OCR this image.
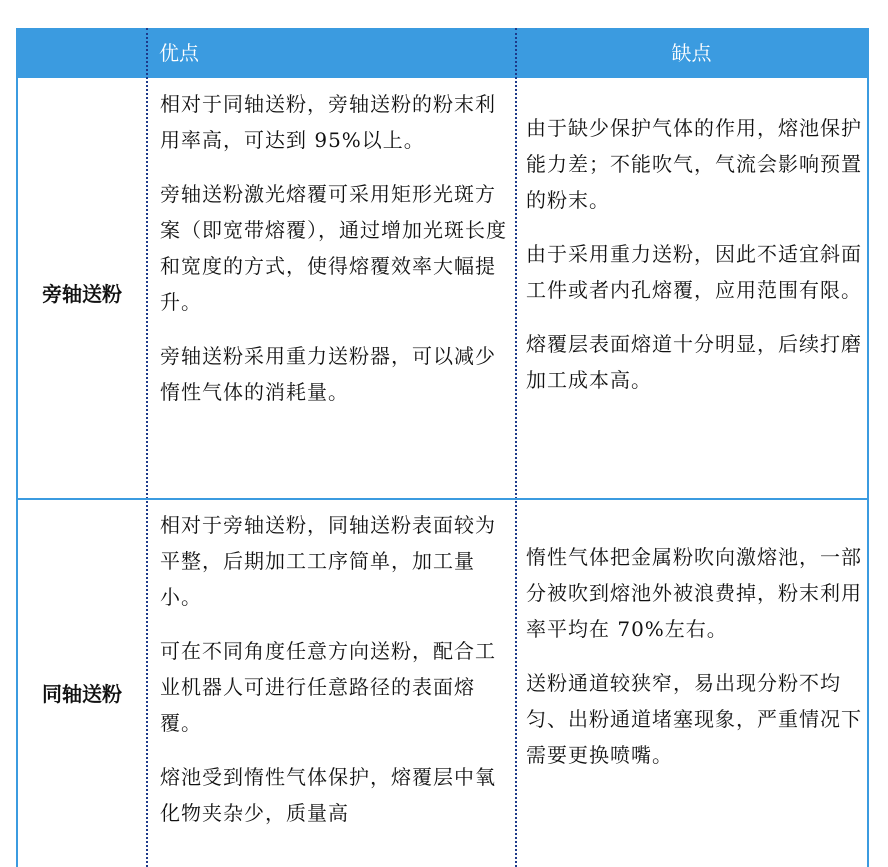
优点	缺点
旁轴送粉

相对于同轴送粉，旁轴送粉的粉末利用率高，可达到 95%以上。

旁轴送粉激光熔覆可采用矩形光斑方案（即宽带熔覆），通过增加光斑长度和宽度的方式，使得熔覆效率大幅提升。

旁轴送粉采用重力送粉器，可以减少惰性气体的消耗量。

由于缺少保护气体的作用，熔池保护能力差；不能吹气，气流会影响预置的粉末。

由于采用重力送粉，因此不适宜斜面工件或者内孔熔覆，应用范围有限。

熔覆层表面熔道十分明显，后续打磨加工成本高。

同轴送粉

相对于旁轴送粉，同轴送粉表面较为平整，后期加工工序简单，加工量小。

可在不同角度任意方向送粉，配合工业机器人可进行任意路径的表面熔覆。

熔池受到惰性气体保护，熔覆层中氧化物夹杂少，质量高

惰性气体把金属粉吹向激熔池，一部分被吹到熔池外被浪费掉，粉末利用率平均在 70%左右。

送粉通道较狭窄，易出现分粉不均匀、出粉通道堵塞现象，严重情况下需要更换喷嘴。
